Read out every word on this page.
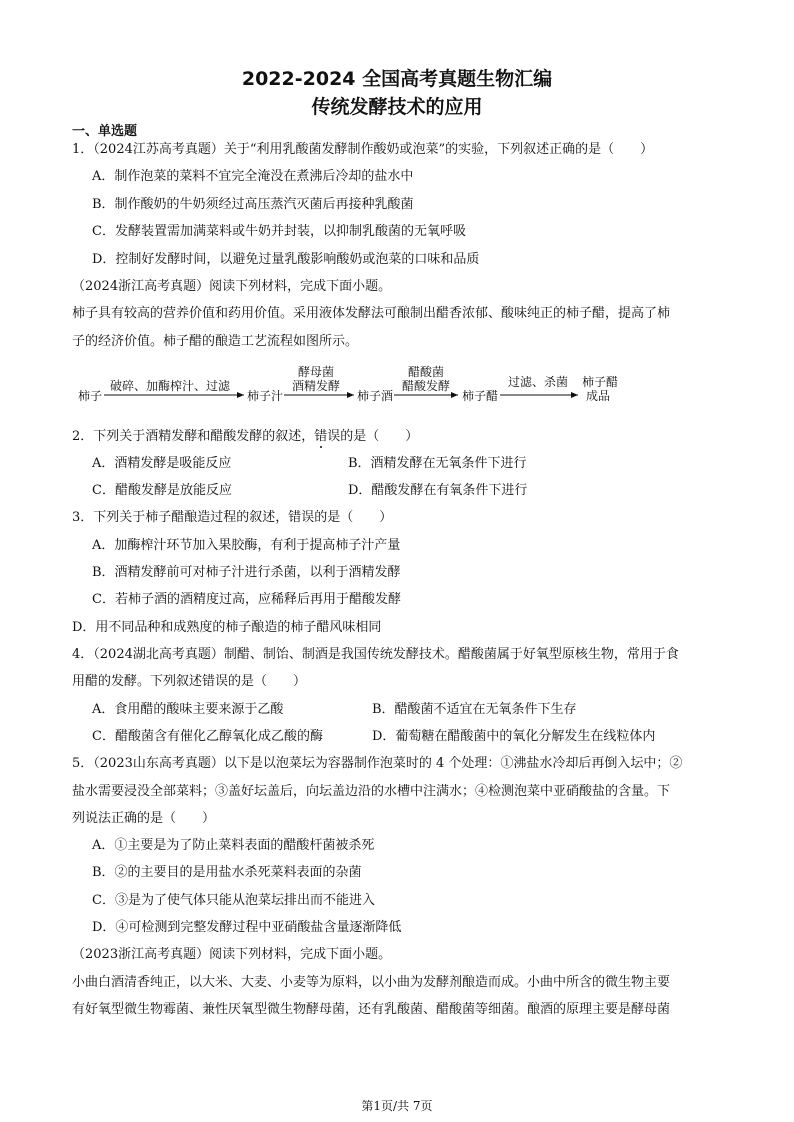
2022-2024 全国高考真题生物汇编
传统发酵技术的应用
一、单选题
1．（2024江苏高考真题）关于“利用乳酸菌发酵制作酸奶或泡菜”的实验，下列叙述正确的是（　　）
A．制作泡菜的菜料不宜完全淹没在煮沸后冷却的盐水中
B．制作酸奶的牛奶须经过高压蒸汽灭菌后再接种乳酸菌
C．发酵装置需加满菜料或牛奶并封装，以抑制乳酸菌的无氧呼吸
D．控制好发酵时间，以避免过量乳酸影响酸奶或泡菜的口味和品质
（2024浙江高考真题）阅读下列材料，完成下面小题。
柿子具有较高的营养价值和药用价值。采用液体发酵法可酿制出醋香浓郁、酸味纯正的柿子醋，提高了柿
子的经济价值。柿子醋的酿造工艺流程如图所示。
柿子
破碎、加酶榨汁、过滤
柿子汁
酵母菌
酒精发酵
柿子酒
醋酸菌
醋酸发酵
柿子醋
过滤、杀菌 柿子醋
成品
2．下列关于酒精发酵和醋酸发酵的叙述，错误的是（　　）
A．酒精发酵是吸能反应	B．酒精发酵在无氧条件下进行
C．醋酸发酵是放能反应	D．醋酸发酵在有氧条件下进行
3．下列关于柿子醋酿造过程的叙述，错误的是（　　）
A．加酶榨汁环节加入果胶酶，有利于提高柿子汁产量
B．酒精发酵前可对柿子汁进行杀菌，以利于酒精发酵
C．若柿子酒的酒精度过高，应稀释后再用于醋酸发酵
D．用不同品种和成熟度的柿子酿造的柿子醋风味相同
4．（2024湖北高考真题）制醋、制饴、制酒是我国传统发酵技术。醋酸菌属于好氧型原核生物，常用于食
用醋的发酵。下列叙述错误的是（　　）
A．食用醋的酸味主要来源于乙酸	B．醋酸菌不适宜在无氧条件下生存
C．醋酸菌含有催化乙醇氧化成乙酸的酶	D．葡萄糖在醋酸菌中的氧化分解发生在线粒体内
5．（2023山东高考真题）以下是以泡菜坛为容器制作泡菜时的 4 个处理：①沸盐水冷却后再倒入坛中；②
盐水需要浸没全部菜料；③盖好坛盖后，向坛盖边沿的水槽中注满水；④检测泡菜中亚硝酸盐的含量。下
列说法正确的是（　　）
A．①主要是为了防止菜料表面的醋酸杆菌被杀死
B．②的主要目的是用盐水杀死菜料表面的杂菌
C．③是为了使气体只能从泡菜坛排出而不能进入
D．④可检测到完整发酵过程中亚硝酸盐含量逐渐降低
（2023浙江高考真题）阅读下列材料，完成下面小题。
小曲白酒清香纯正，以大米、大麦、小麦等为原料，以小曲为发酵剂酿造而成。小曲中所含的微生物主要
有好氧型微生物霉菌、兼性厌氧型微生物酵母菌，还有乳酸菌、醋酸菌等细菌。酿酒的原理主要是酵母菌
第1页/共 7页
